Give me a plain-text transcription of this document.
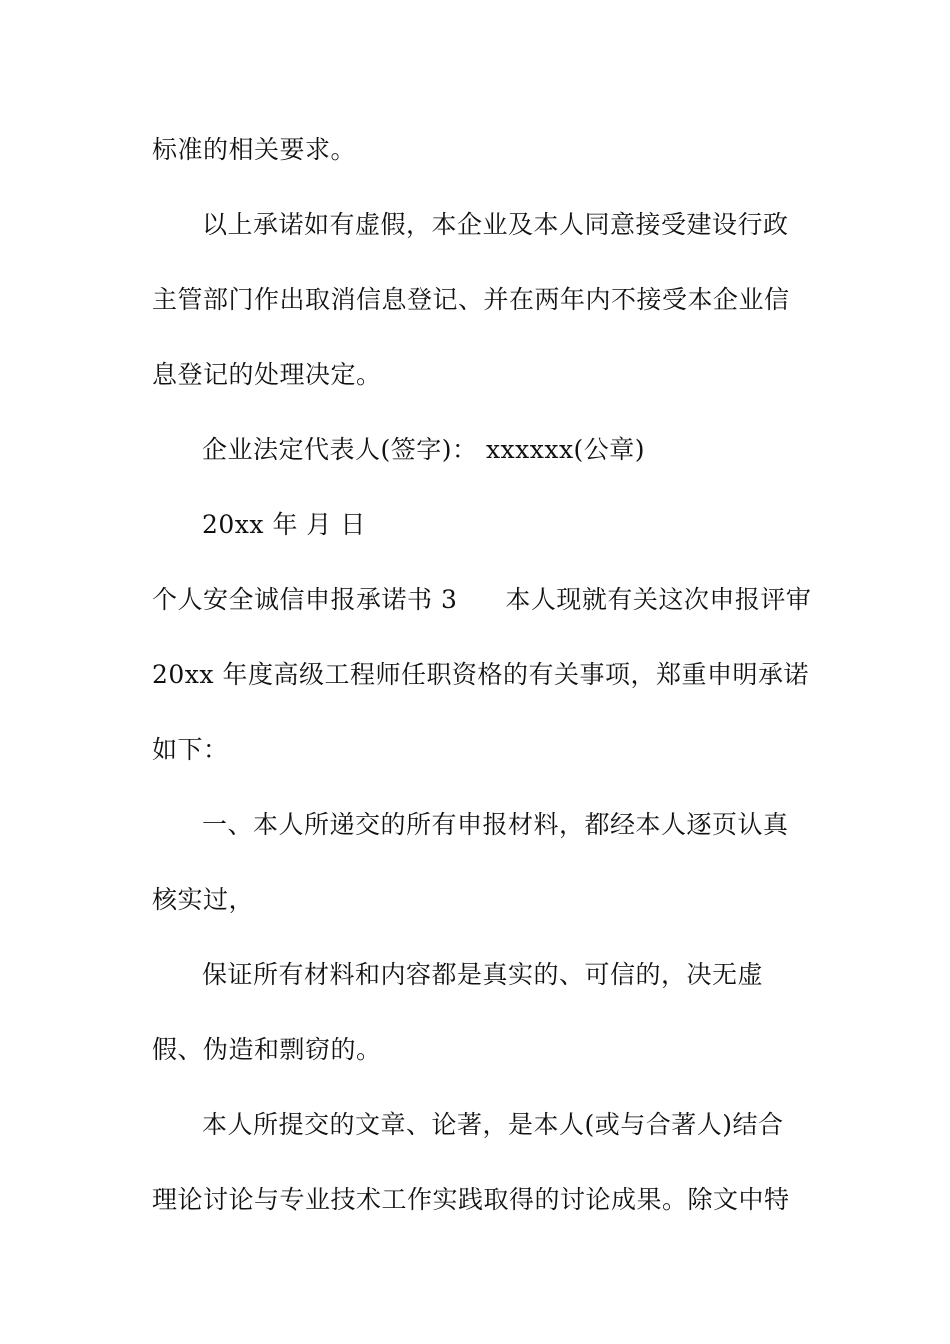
标准的相关要求。
以上承诺如有虚假，本企业及本人同意接受建设行政
主管部门作出取消信息登记、并在两年内不接受本企业信
息登记的处理决定。
企业法定代表人(签字)： xxxxxx(公章)
20xx 年 月 日
个人安全诚信申报承诺书 3 本人现就有关这次申报评审
20xx 年度高级工程师任职资格的有关事项，郑重申明承诺
如下：
一、本人所递交的所有申报材料，都经本人逐页认真
核实过，
保证所有材料和内容都是真实的、可信的，决无虚
假、伪造和剽窃的。
本人所提交的文章、论著，是本人(或与合著人)结合
理论讨论与专业技术工作实践取得的讨论成果。除文中特
